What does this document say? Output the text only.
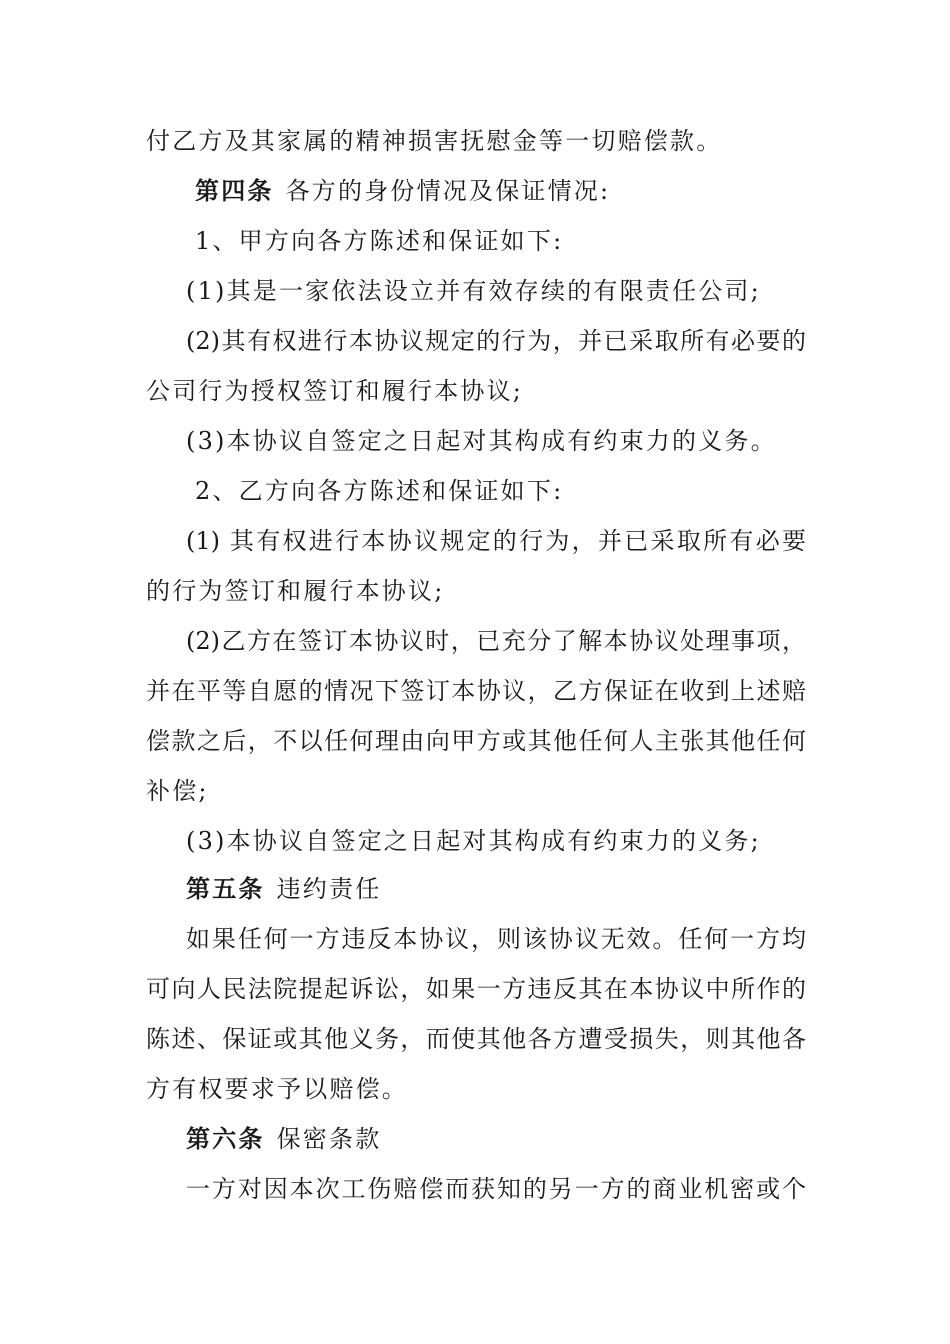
付乙方及其家属的精神损害抚慰金等一切赔偿款。
第四条 各方的身份情况及保证情况:
1、甲方向各方陈述和保证如下:
(1)其是一家依法设立并有效存续的有限责任公司;
(2)其有权进行本协议规定的行为，并已采取所有必要的
公司行为授权签订和履行本协议;
(3)本协议自签定之日起对其构成有约束力的义务。
2、乙方向各方陈述和保证如下:
(1) 其有权进行本协议规定的行为，并已采取所有必要
的行为签订和履行本协议;
(2)乙方在签订本协议时，已充分了解本协议处理事项，
并在平等自愿的情况下签订本协议，乙方保证在收到上述赔
偿款之后，不以任何理由向甲方或其他任何人主张其他任何
补偿;
(3)本协议自签定之日起对其构成有约束力的义务;
第五条 违约责任
如果任何一方违反本协议，则该协议无效。任何一方均
可向人民法院提起诉讼，如果一方违反其在本协议中所作的
陈述、保证或其他义务，而使其他各方遭受损失，则其他各
方有权要求予以赔偿。
第六条 保密条款
一方对因本次工伤赔偿而获知的另一方的商业机密或个
